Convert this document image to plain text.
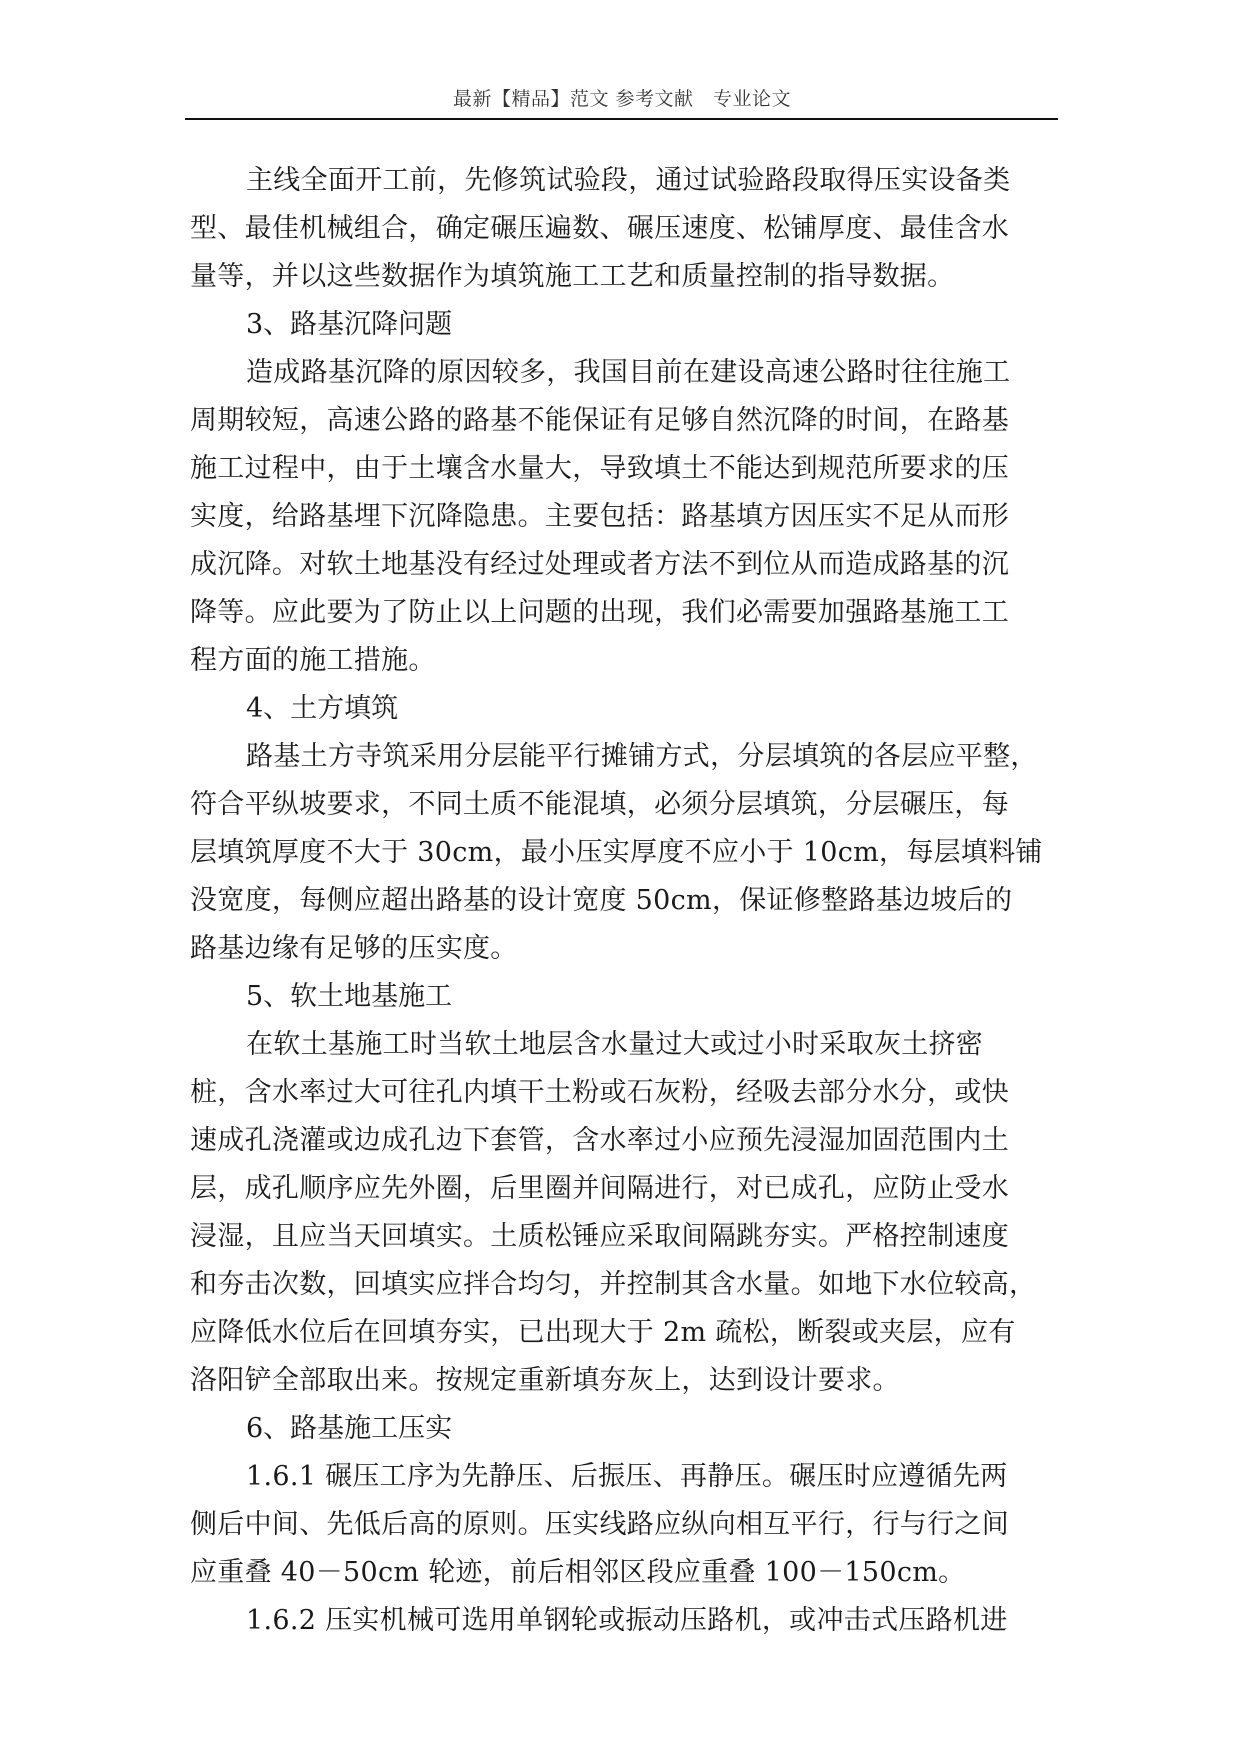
最新【精品】范文 参考文献　专业论文

主线全面开工前，先修筑试验段，通过试验路段取得压实设备类
型、最佳机械组合，确定碾压遍数、碾压速度、松铺厚度、最佳含水
量等，并以这些数据作为填筑施工工艺和质量控制的指导数据。

3、路基沉降问题

造成路基沉降的原因较多，我国目前在建设高速公路时往往施工
周期较短，高速公路的路基不能保证有足够自然沉降的时间，在路基
施工过程中，由于土壤含水量大，导致填土不能达到规范所要求的压
实度，给路基埋下沉降隐患。主要包括：路基填方因压实不足从而形
成沉降。对软土地基没有经过处理或者方法不到位从而造成路基的沉
降等。应此要为了防止以上问题的出现，我们必需要加强路基施工工
程方面的施工措施。

4、土方填筑

路基土方寺筑采用分层能平行摊铺方式，分层填筑的各层应平整，
符合平纵坡要求，不同土质不能混填，必须分层填筑，分层碾压，每
层填筑厚度不大于 30cm，最小压实厚度不应小于 10cm，每层填料铺
没宽度，每侧应超出路基的设计宽度 50cm，保证修整路基边坡后的
路基边缘有足够的压实度。

5、软土地基施工

在软土基施工时当软土地层含水量过大或过小时采取灰土挤密
桩，含水率过大可往孔内填干土粉或石灰粉，经吸去部分水分，或快
速成孔浇灌或边成孔边下套管，含水率过小应预先浸湿加固范围内土
层，成孔顺序应先外圈，后里圈并间隔进行，对已成孔，应防止受水
浸湿，且应当天回填实。土质松锤应采取间隔跳夯实。严格控制速度
和夯击次数，回填实应拌合均匀，并控制其含水量。如地下水位较高，
应降低水位后在回填夯实，已出现大于 2m 疏松，断裂或夹层，应有
洛阳铲全部取出来。按规定重新填夯灰上，达到设计要求。

6、路基施工压实

1.6.1 碾压工序为先静压、后振压、再静压。碾压时应遵循先两
侧后中间、先低后高的原则。压实线路应纵向相互平行，行与行之间
应重叠 40－50cm 轮迹，前后相邻区段应重叠 100－150cm。

1.6.2 压实机械可选用单钢轮或振动压路机，或冲击式压路机进
